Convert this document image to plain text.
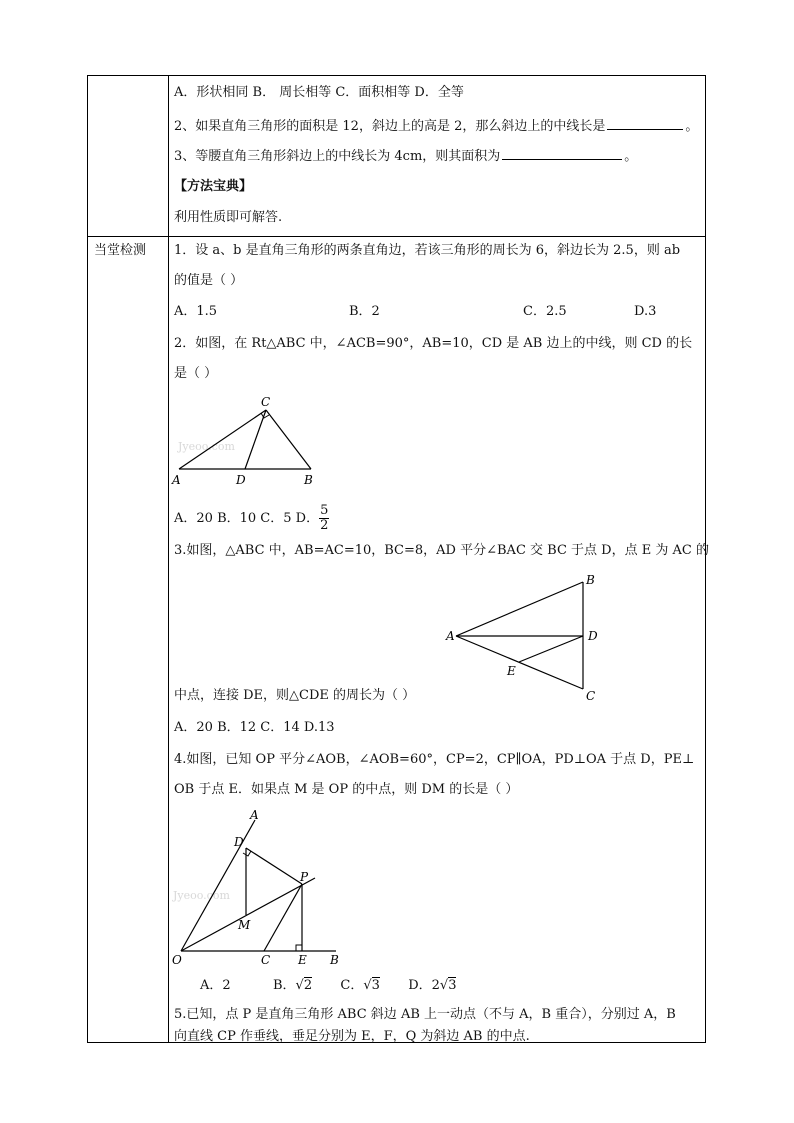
A．形状相同 B． 周长相等 C．面积相等 D．全等
2、如果直角三角形的面积是 12，斜边上的高是 2，那么斜边上的中线长是	。
3、等腰直角三角形斜边上的中线长为 4cm，则其面积为	。
【方法宝典】
利用性质即可解答.
当堂检测 1．设 a、b 是直角三角形的两条直角边，若该三角形的周长为 6，斜边长为 2.5，则 ab
的值是（ ）
A．1.5	B．2	C．2.5	D.3
2．如图，在 Rt△ABC 中，∠ACB=90°，AB=10，CD 是 AB 边上的中线，则 CD 的长
是（ ）
Jyeoo.com
A	D	B
C
A．20 B．10 C．5 D． $\frac{5}{2}$
3.如图，△ABC 中，AB=AC=10，BC=8，AD 平分∠BAC 交 BC 于点 D，点 E 为 AC 的
A
B
D
E
C
中点，连接 DE，则△CDE 的周长为（ ）
A．20 B．12 C．14 D.13
4.如图，已知 OP 平分∠AOB，∠AOB=60°，CP=2，CP∥OA，PD⊥OA 于点 D，PE⊥
OB 于点 E．如果点 M 是 OP 的中点，则 DM 的长是（ ）
Jyeoo.com
A
D
P
M
O	C E B
A．2	B．√2 C．√3 D．2√3
5.已知，点 P 是直角三角形 ABC 斜边 AB 上一动点（不与 A，B 重合），分别过 A，B
向直线 CP 作垂线，垂足分别为 E，F，Q 为斜边 AB 的中点.
